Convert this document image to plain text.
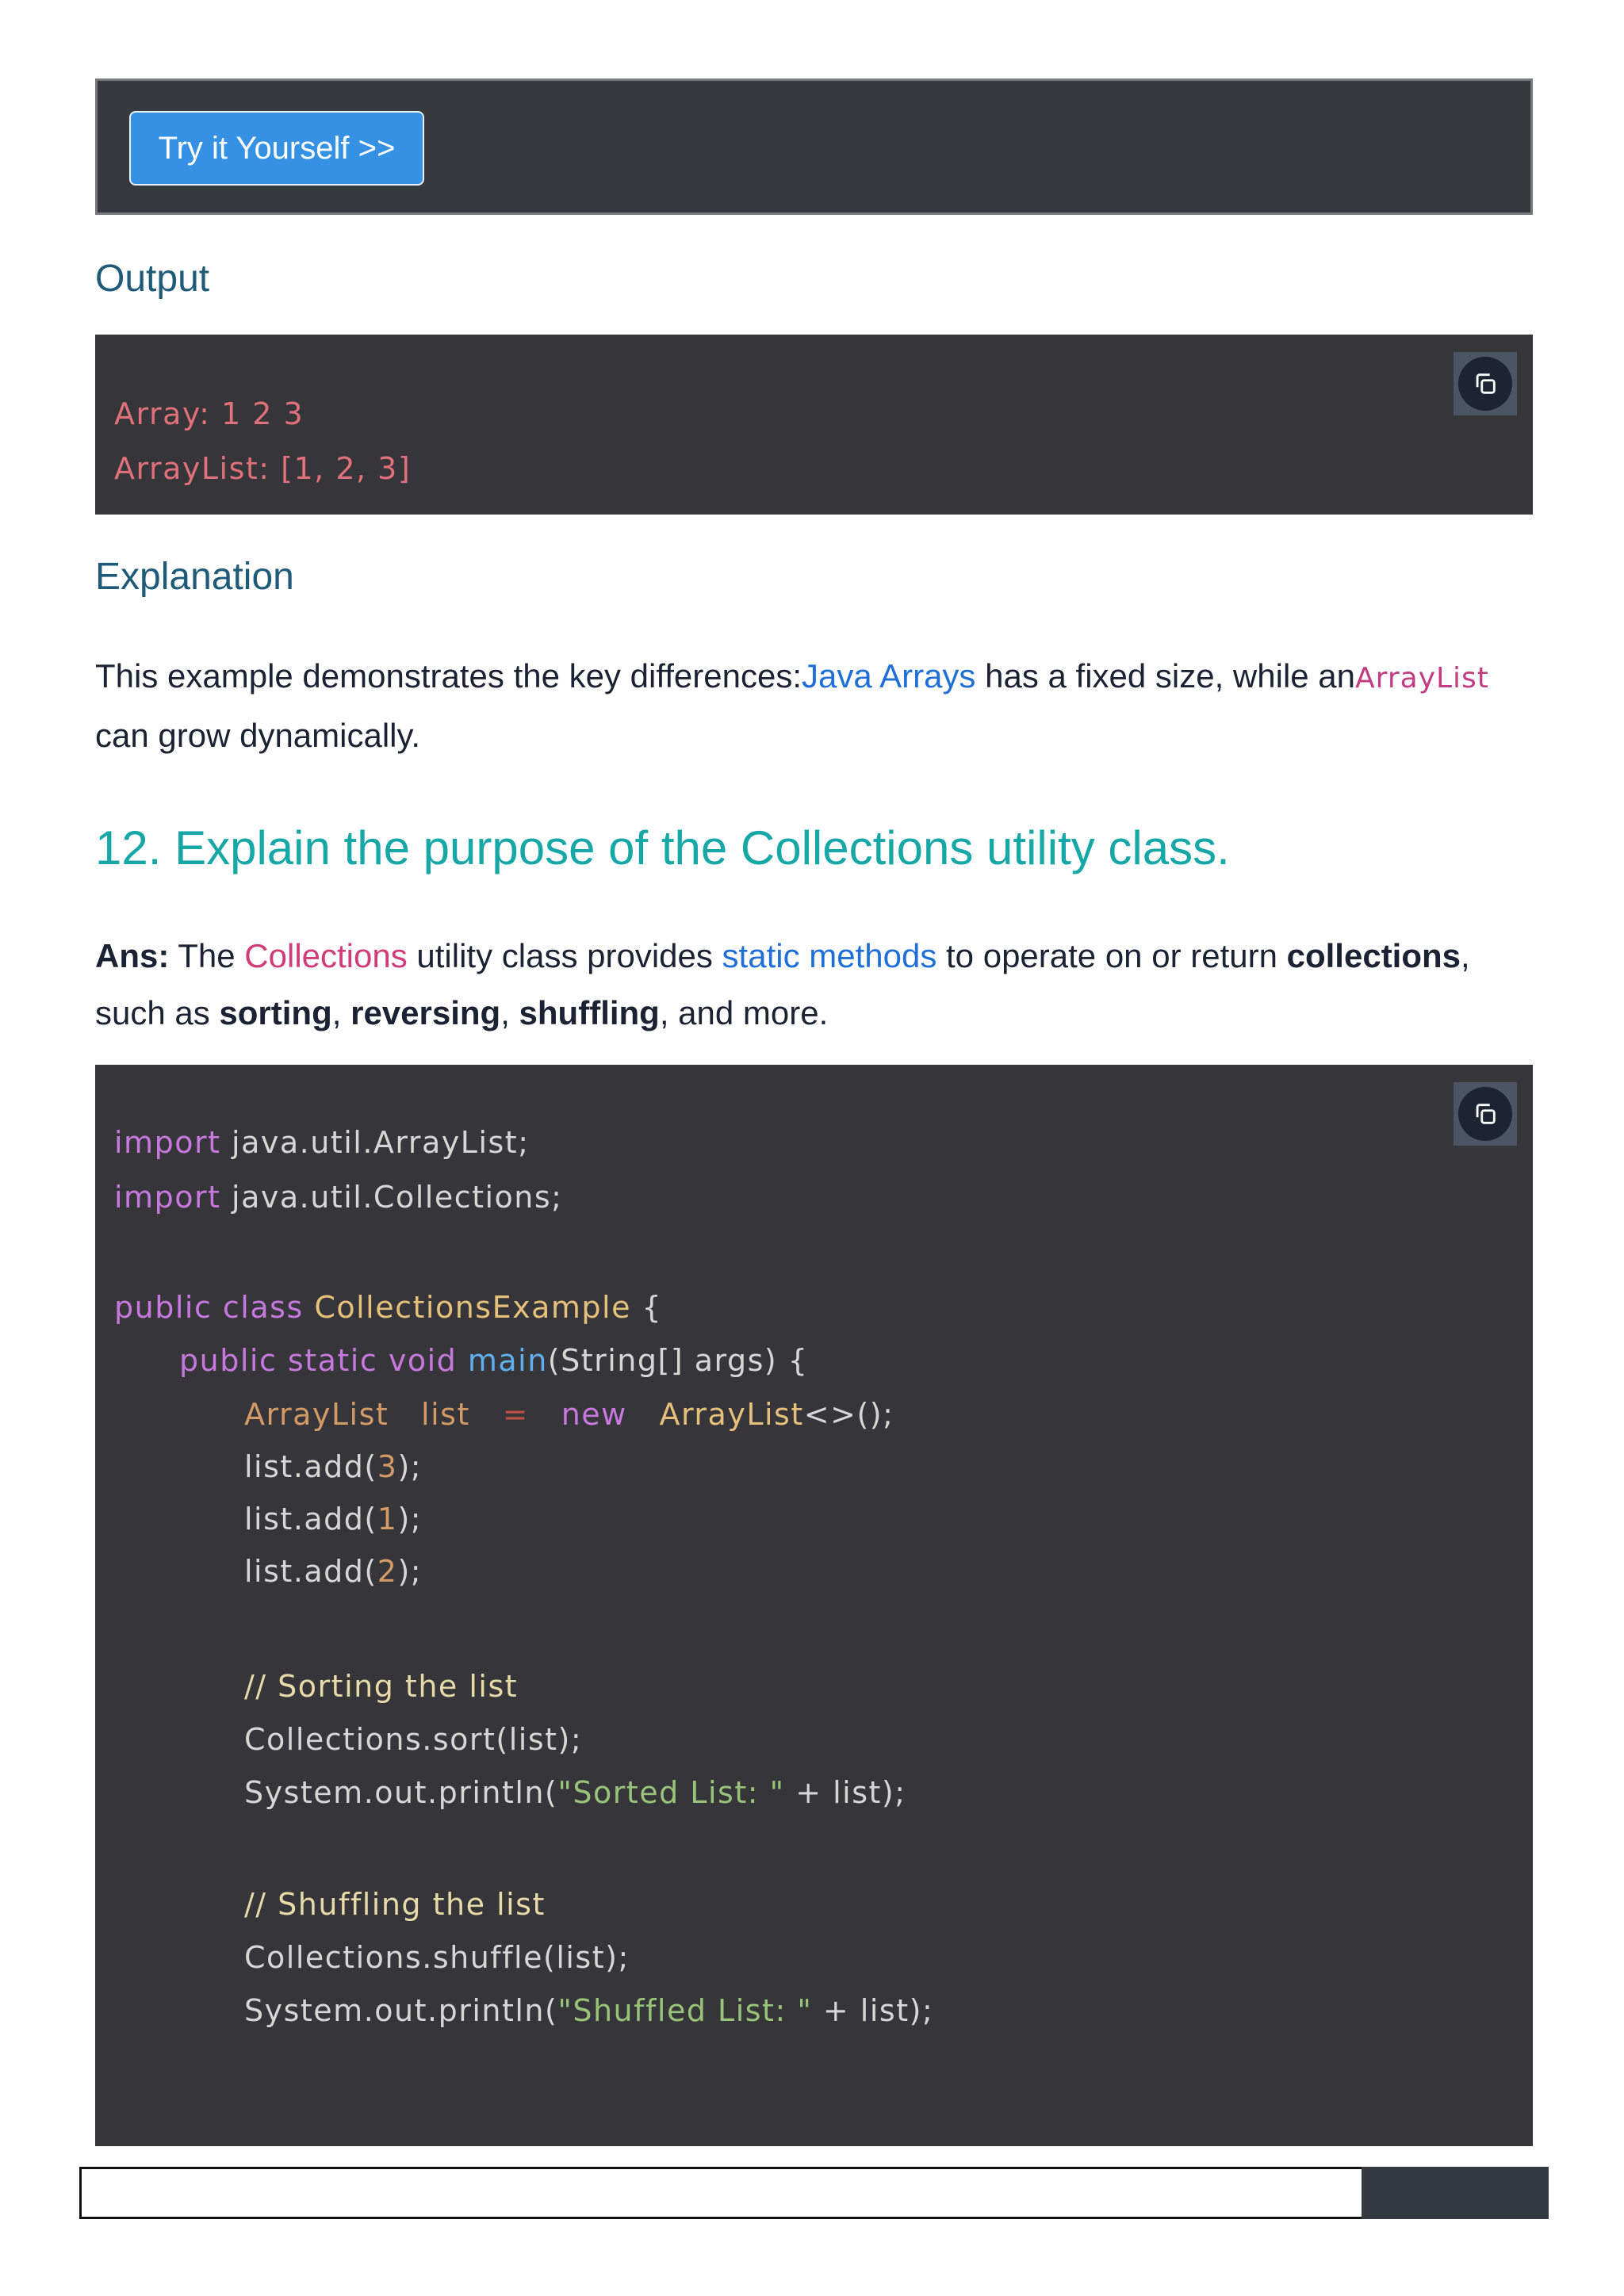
Try it Yourself >>
Output
Array: 1 2 3
ArrayList: [1, 2, 3]
Explanation
This example demonstrates the key differences:Java Arrays has a fixed size, while anArrayList
can grow dynamically.
12. Explain the purpose of the Collections utility class.
Ans: The Collections utility class provides static methods to operate on or return collections,
such as sorting, reversing, shuffling, and more.
import java.util.ArrayList;
import java.util.Collections;
public class CollectionsExample {
public static void main(String[] args) {
ArrayList list = new ArrayList<>();
list.add(3);
list.add(1);
list.add(2);
// Sorting the list
Collections.sort(list);
System.out.println("Sorted List: " + list);
// Shuffling the list
Collections.shuffle(list);
System.out.println("Shuffled List: " + list);
